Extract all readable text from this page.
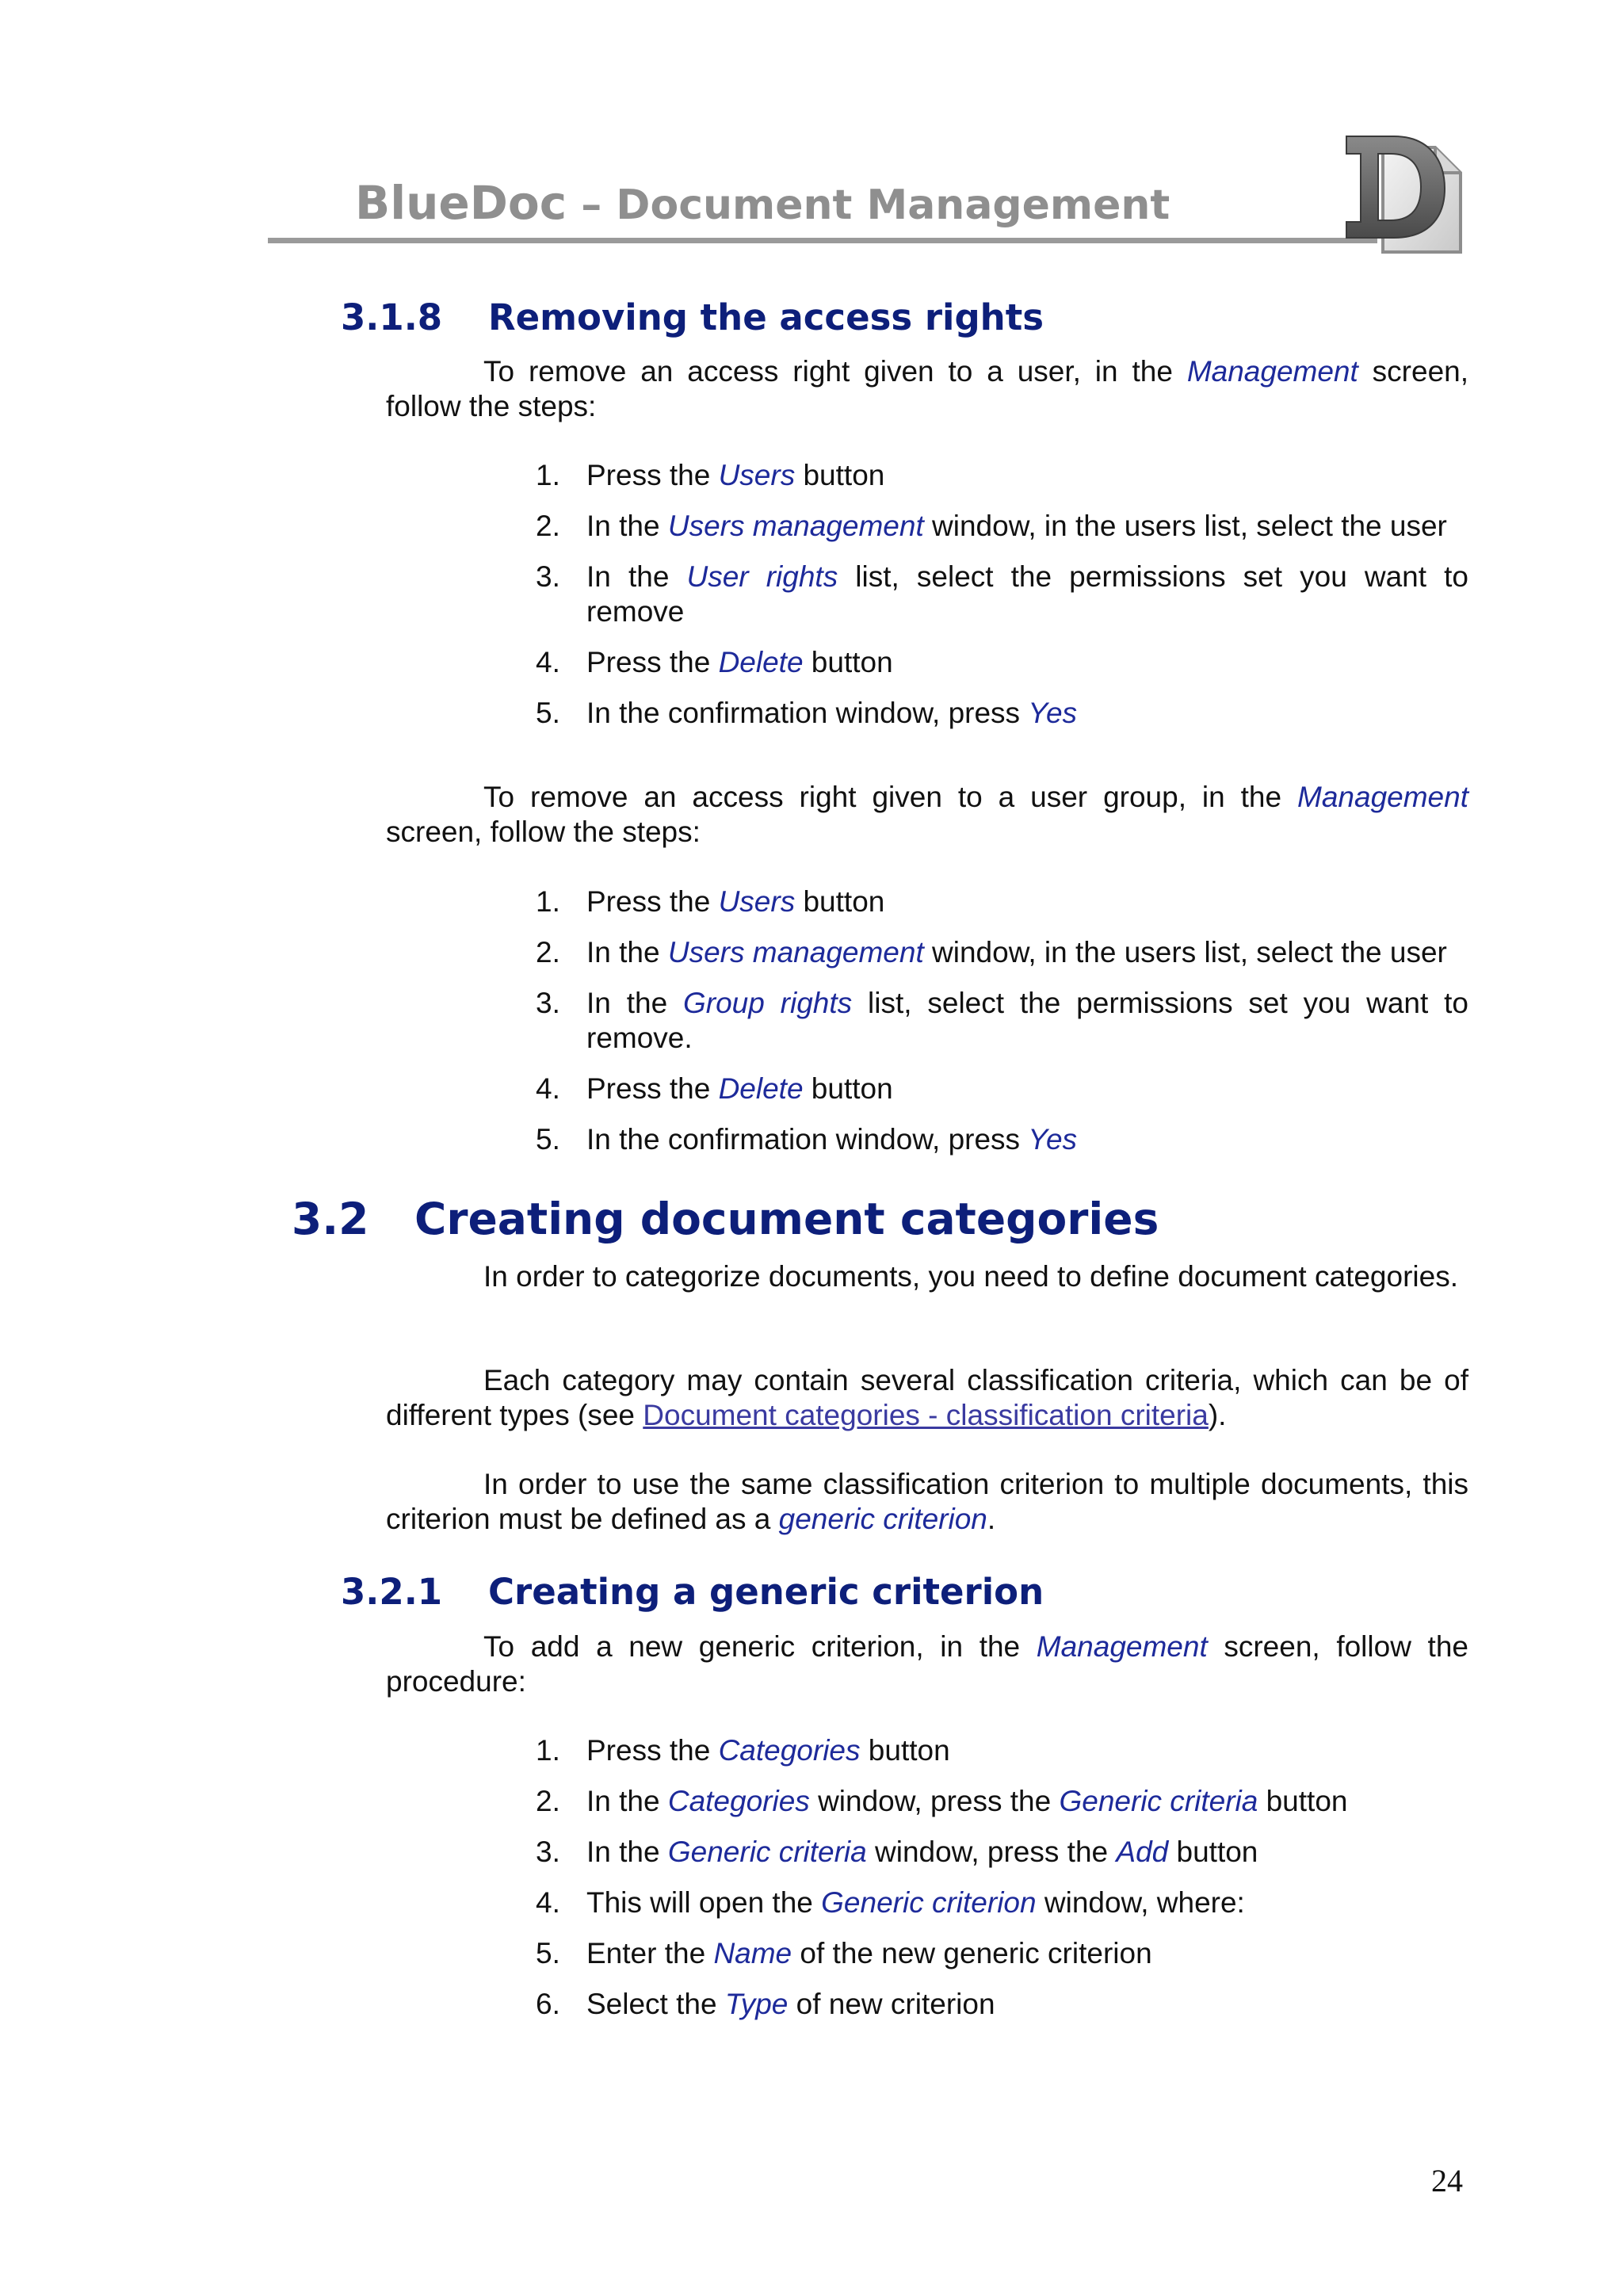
BlueDoc – Document Management
3.1.8 Removing the access rights

To remove an access right given to a user, in the Management screen, follow the steps:

1. Press the Users button
2. In the Users management window, in the users list, select the user
3. In the User rights list, select the permissions set you want to remove
4. Press the Delete button
5. In the confirmation window, press Yes

To remove an access right given to a user group, in the Management screen, follow the steps:

1. Press the Users button
2. In the Users management window, in the users list, select the user
3. In the Group rights list, select the permissions set you want to remove.
4. Press the Delete button
5. In the confirmation window, press Yes
3.2 Creating document categories

In order to categorize documents, you need to define document categories.

Each category may contain several classification criteria, which can be of different types (see Document categories - classification criteria).

In order to use the same classification criterion to multiple documents, this criterion must be defined as a generic criterion.

3.2.1 Creating a generic criterion

To add a new generic criterion, in the Management screen, follow the procedure:

1. Press the Categories button
2. In the Categories window, press the Generic criteria button
3. In the Generic criteria window, press the Add button
4. This will open the Generic criterion window, where:
5. Enter the Name of the new generic criterion
6. Select the Type of new criterion
24
